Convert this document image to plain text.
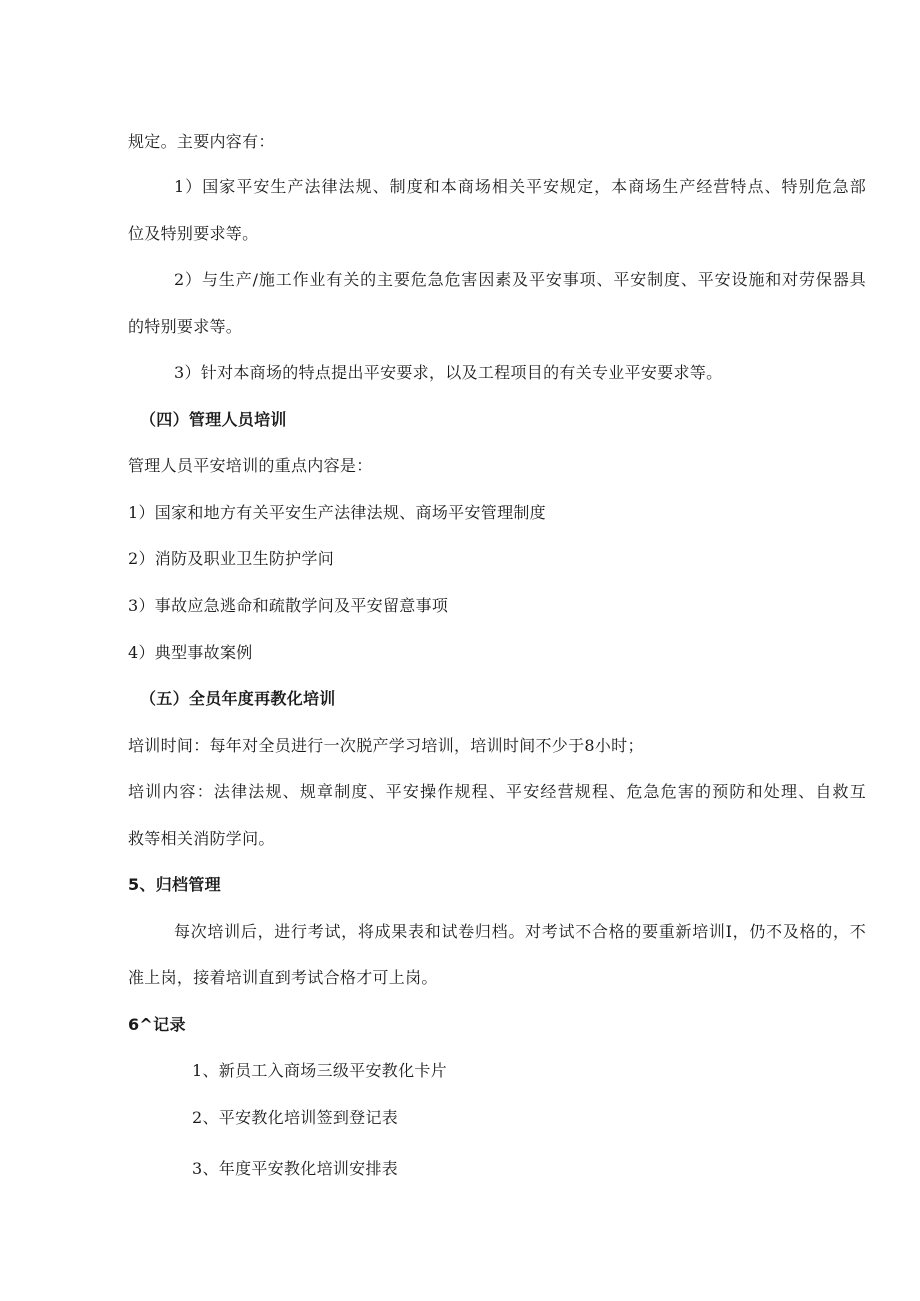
规定。主要内容有：
1）国家平安生产法律法规、制度和本商场相关平安规定，本商场生产经营特点、特别危急部
位及特别要求等。
2）与生产/施工作业有关的主要危急危害因素及平安事项、平安制度、平安设施和对劳保器具
的特别要求等。
3）针对本商场的特点提出平安要求，以及工程项目的有关专业平安要求等。
（四）管理人员培训
管理人员平安培训的重点内容是：
1）国家和地方有关平安生产法律法规、商场平安管理制度
2）消防及职业卫生防护学问
3）事故应急逃命和疏散学问及平安留意事项
4）典型事故案例
（五）全员年度再教化培训
培训时间：每年对全员进行一次脱产学习培训，培训时间不少于8小时；
培训内容：法律法规、规章制度、平安操作规程、平安经营规程、危急危害的预防和处理、自救互
救等相关消防学问。
5、归档管理
每次培训后，进行考试，将成果表和试卷归档。对考试不合格的要重新培训I，仍不及格的，不
准上岗，接着培训直到考试合格才可上岗。
6^记录
1、新员工入商场三级平安教化卡片
2、平安教化培训签到登记表
3、年度平安教化培训安排表
